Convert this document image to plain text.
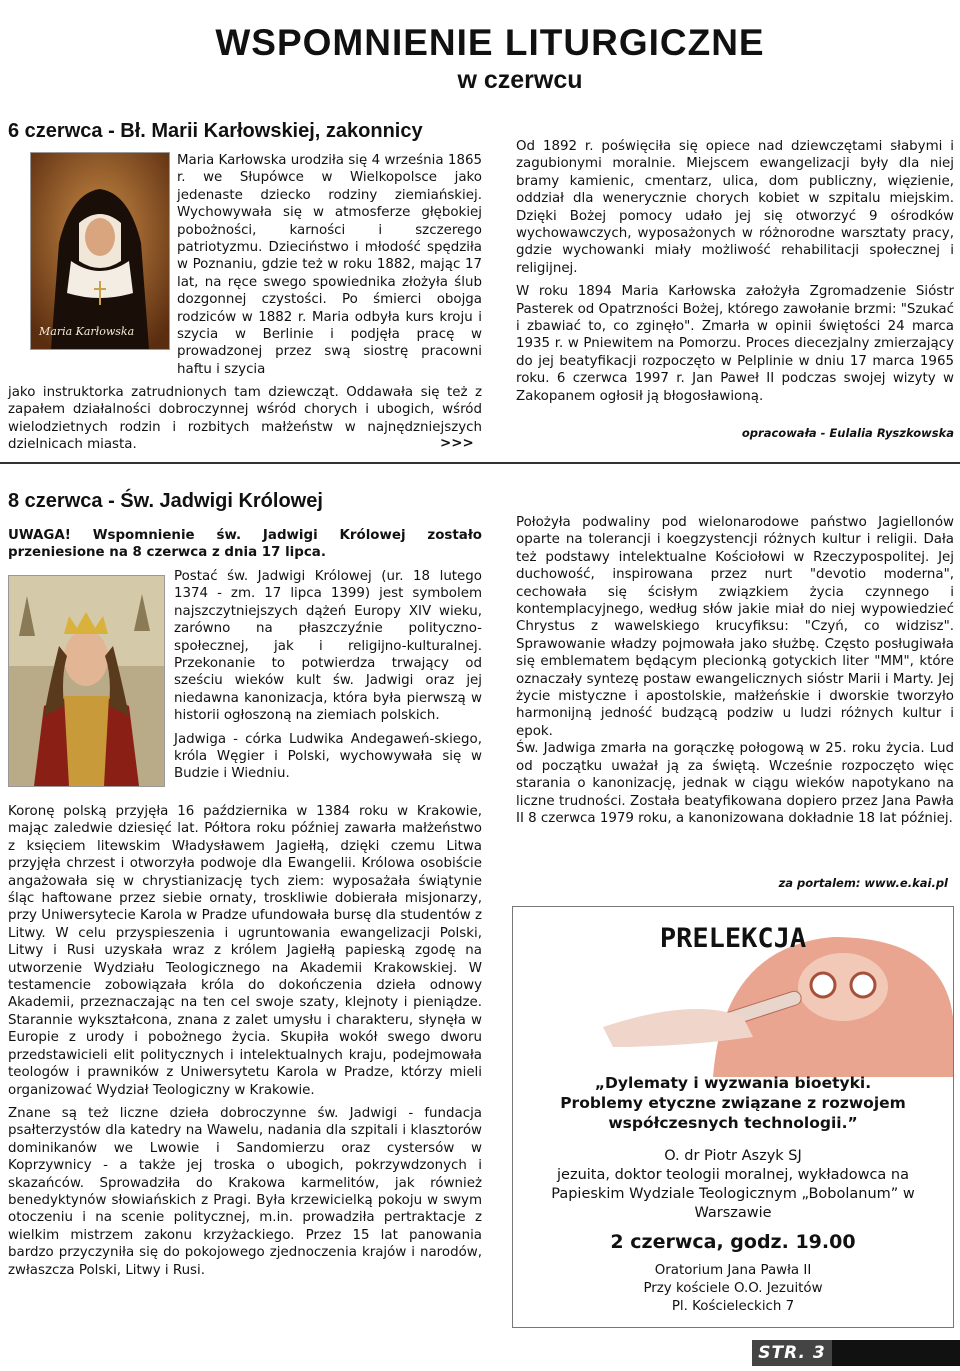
WSPOMNIENIE LITURGICZNE
w czerwcu
6 czerwca - Bł. Marii Karłowskiej, zakonnicy
Maria Karłowska

Maria Karłowska urodziła się 4 września 1865 r. we Słupówce w Wielkopolsce jako jedenaste dziecko rodziny ziemiańskiej. Wychowywała się w atmosferze głębokiej pobożności, karności i szczerego patriotyzmu. Dzieciństwo i młodość spędziła w Poznaniu, gdzie też w roku 1882, mając 17 lat, na ręce swego spowiednika złożyła ślub dozgonnej czystości. Po śmierci obojga rodziców w 1882 r. Maria odbyła kurs kroju i szycia w Berlinie i podjęła pracę w prowadzonej przez swą siostrę pracowni haftu i szycia

jako instruktorka zatrudnionych tam dziewcząt. Oddawała się też z zapałem działalności dobroczynnej wśród chorych i ubogich, wśród wielodzietnych rodzin i rozbitych małżeństw w najnędzniejszych dzielnicach miasta.	>>>

Od 1892 r. poświęciła się opiece nad dziewczętami słabymi i zagubionymi moralnie. Miejscem ewangelizacji były dla niej bramy kamienic, cmentarz, ulica, dom publiczny, więzienie, oddział dla wenerycznie chorych kobiet w szpitalu miejskim. Dzięki Bożej pomocy udało jej się otworzyć 9 ośrodków wychowawczych, wyposażonych w różnorodne warsztaty pracy, gdzie wychowanki miały możliwość rehabilitacji społecznej i religijnej.

W roku 1894 Maria Karłowska założyła Zgromadzenie Sióstr Pasterek od Opatrzności Bożej, którego zawołanie brzmi: "Szukać i zbawiać to, co zginęło". Zmarła w opinii świętości 24 marca 1935 r. w Pniewitem na Pomorzu. Proces diecezjalny zmierzający do jej beatyfikacji rozpoczęto w Pelplinie w dniu 17 marca 1965 roku. 6 czerwca 1997 r. Jan Paweł II podczas swojej wizyty w Zakopanem ogłosił ją błogosławioną.

opracowała - Eulalia Ryszkowska
8 czerwca - Św. Jadwigi Królowej
UWAGA! Wspomnienie św. Jadwigi Królowej zostało przeniesione na 8 czerwca z dnia 17 lipca.

Postać św. Jadwigi Królowej (ur. 18 lutego 1374 - zm. 17 lipca 1399) jest symbolem najszczytniejszych dążeń Europy XIV wieku, zarówno na płaszczyźnie polityczno-społecznej, jak i religijno-kulturalnej. Przekonanie to potwierdza trwający od sześciu wieków kult św. Jadwigi oraz jej niedawna kanonizacja, która była pierwszą w historii ogłoszoną na ziemiach polskich.

Jadwiga - córka Ludwika Andegaweń-skiego, króla Węgier i Polski, wychowywała się w Budzie i Wiedniu.

Koronę polską przyjęła 16 października w 1384 roku w Krakowie, mając zaledwie dziesięć lat. Półtora roku później zawarła małżeństwo z księciem litewskim Władysławem Jagiełłą, dzięki czemu Litwa przyjęła chrzest i otworzyła podwoje dla Ewangelii. Królowa osobiście angażowała się w chrystianizację tych ziem: wyposażała świątynie śląc haftowane przez siebie ornaty, troskliwie dobierała misjonarzy, przy Uniwersytecie Karola w Pradze ufundowała bursę dla studentów z Litwy. W celu przyspieszenia i ugruntowania ewangelizacji Polski, Litwy i Rusi uzyskała wraz z królem Jagiełłą papieską zgodę na utworzenie Wydziału Teologicznego na Akademii Krakowskiej. W testamencie zobowiązała króla do dokończenia dzieła odnowy Akademii, przeznaczając na ten cel swoje szaty, klejnoty i pieniądze. Starannie wykształcona, znana z zalet umysłu i charakteru, słynęła w Europie z urody i pobożnego życia. Skupiła wokół swego dworu przedstawicieli elit politycznych i intelektualnych kraju, podejmowała teologów i prawników z Uniwersytetu Karola w Pradze, którzy mieli organizować Wydział Teologiczny w Krakowie.

Znane są też liczne dzieła dobroczynne św. Jadwigi - fundacja psałterzystów dla katedry na Wawelu, nadania dla szpitali i klasztorów dominikanów we Lwowie i Sandomierzu oraz cystersów w Koprzywnicy - a także jej troska o ubogich, pokrzywdzonych i skazańców. Sprowadziła do Krakowa karmelitów, jak również benedyktynów słowiańskich z Pragi. Była krzewicielką pokoju w swym otoczeniu i na scenie politycznej, m.in. prowadziła pertraktacje z wielkim mistrzem zakonu krzyżackiego. Przez 15 lat panowania bardzo przyczyniła się do pokojowego zjednoczenia krajów i narodów, zwłaszcza Polski, Litwy i Rusi.

Położyła podwaliny pod wielonarodowe państwo Jagiellonów oparte na tolerancji i koegzystencji różnych kultur i religii. Dała też podstawy intelektualne Kościołowi w Rzeczypospolitej. Jej duchowość, inspirowana przez nurt "devotio moderna", cechowała się ścisłym związkiem życia czynnego i kontemplacyjnego, według słów jakie miał do niej wypowiedzieć Chrystus z wawelskiego krucyfiksu: "Czyń, co widzisz". Sprawowanie władzy pojmowała jako służbę. Często posługiwała się emblematem będącym plecionką gotyckich liter "MM", które oznaczały syntezę postaw ewangelicznych sióstr Marii i Marty. Jej życie mistyczne i apostolskie, małżeńskie i dworskie tworzyło harmonijną jedność budzącą podziw u ludzi różnych kultur i epok.

Św. Jadwiga zmarła na gorączkę połogową w 25. roku życia. Lud od początku uważał ją za świętą. Wcześnie rozpoczęto więc starania o kanonizację, jednak w ciągu wieków napotykano na liczne trudności. Została beatyfikowana dopiero przez Jana Pawła II 8 czerwca 1979 roku, a kanonizowana dokładnie 18 lat później.

za portalem: www.e.kai.pl
PRELEKCJA
„Dylematy i wyzwania bioetyki.
Problemy etyczne związane z rozwojem współczesnych technologii.”
O. dr Piotr Aszyk SJ
jezuita, doktor teologii moralnej, wykładowca na Papieskim Wydziale Teologicznym „Bobolanum” w Warszawie
2 czerwca, godz. 19.00
Oratorium Jana Pawła II
Przy kościele O.O. Jezuitów
Pl. Kościeleckich 7
STR. 3
